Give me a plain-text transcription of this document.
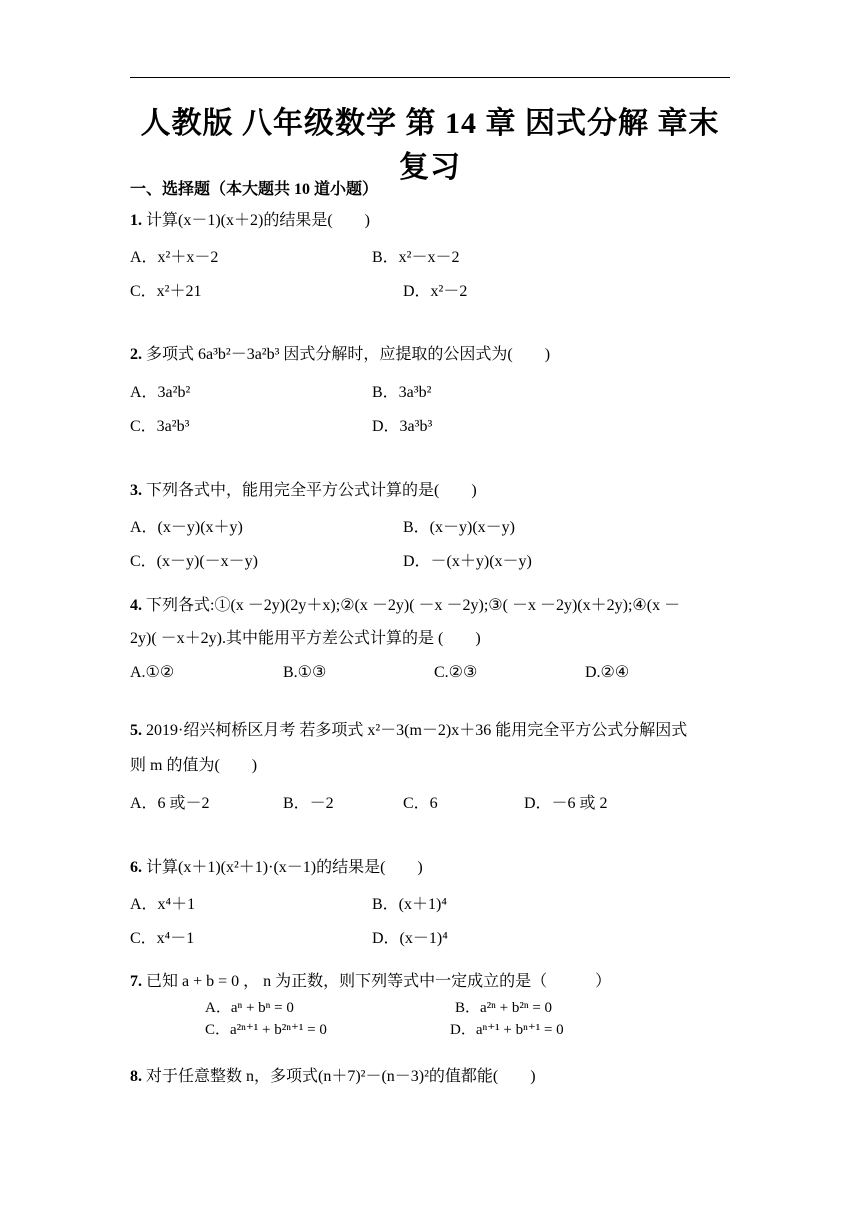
人教版 八年级数学 第 14 章 因式分解 章末复习
一、选择题（本大题共 10 道小题）
1. 计算(x－1)(x＋2)的结果是(　　)
A．x²＋x－2	B．x²－x－2
C．x²＋21	D．x²－2
2. 多项式 6a³b²－3a²b³ 因式分解时，应提取的公因式为(　　)
A．3a²b²	B．3a³b²
C．3a²b³	D．3a³b³
3. 下列各式中，能用完全平方公式计算的是(　　)
A．(x－y)(x＋y)	B．(x－y)(x－y)
C．(x－y)(－x－y)	D．－(x＋y)(x－y)
4. 下列各式:①(x －2y)(2y＋x);②(x －2y)( －x －2y);③( －x －2y)(x＋2y);④(x －
2y)( －x＋2y).其中能用平方差公式计算的是 (　　)
A.①②	B.①③	C.②③	D.②④
5. 2019·绍兴柯桥区月考 若多项式 x²－3(m－2)x＋36 能用完全平方公式分解因式
则 m 的值为(　　)
A．6 或－2	B．－2	C．6	D．－6 或 2
6. 计算(x＋1)(x²＋1)·(x－1)的结果是(　　)
A．x⁴＋1	B．(x＋1)⁴
C．x⁴－1	D．(x－1)⁴
7. 已知 a + b = 0 ， n 为正数，则下列等式中一定成立的是（　　　）
A．aⁿ + bⁿ = 0	B．a²ⁿ + b²ⁿ = 0
C．a²ⁿ⁺¹ + b²ⁿ⁺¹ = 0	D．aⁿ⁺¹ + bⁿ⁺¹ = 0
8. 对于任意整数 n，多项式(n＋7)²－(n－3)²的值都能(　　)
